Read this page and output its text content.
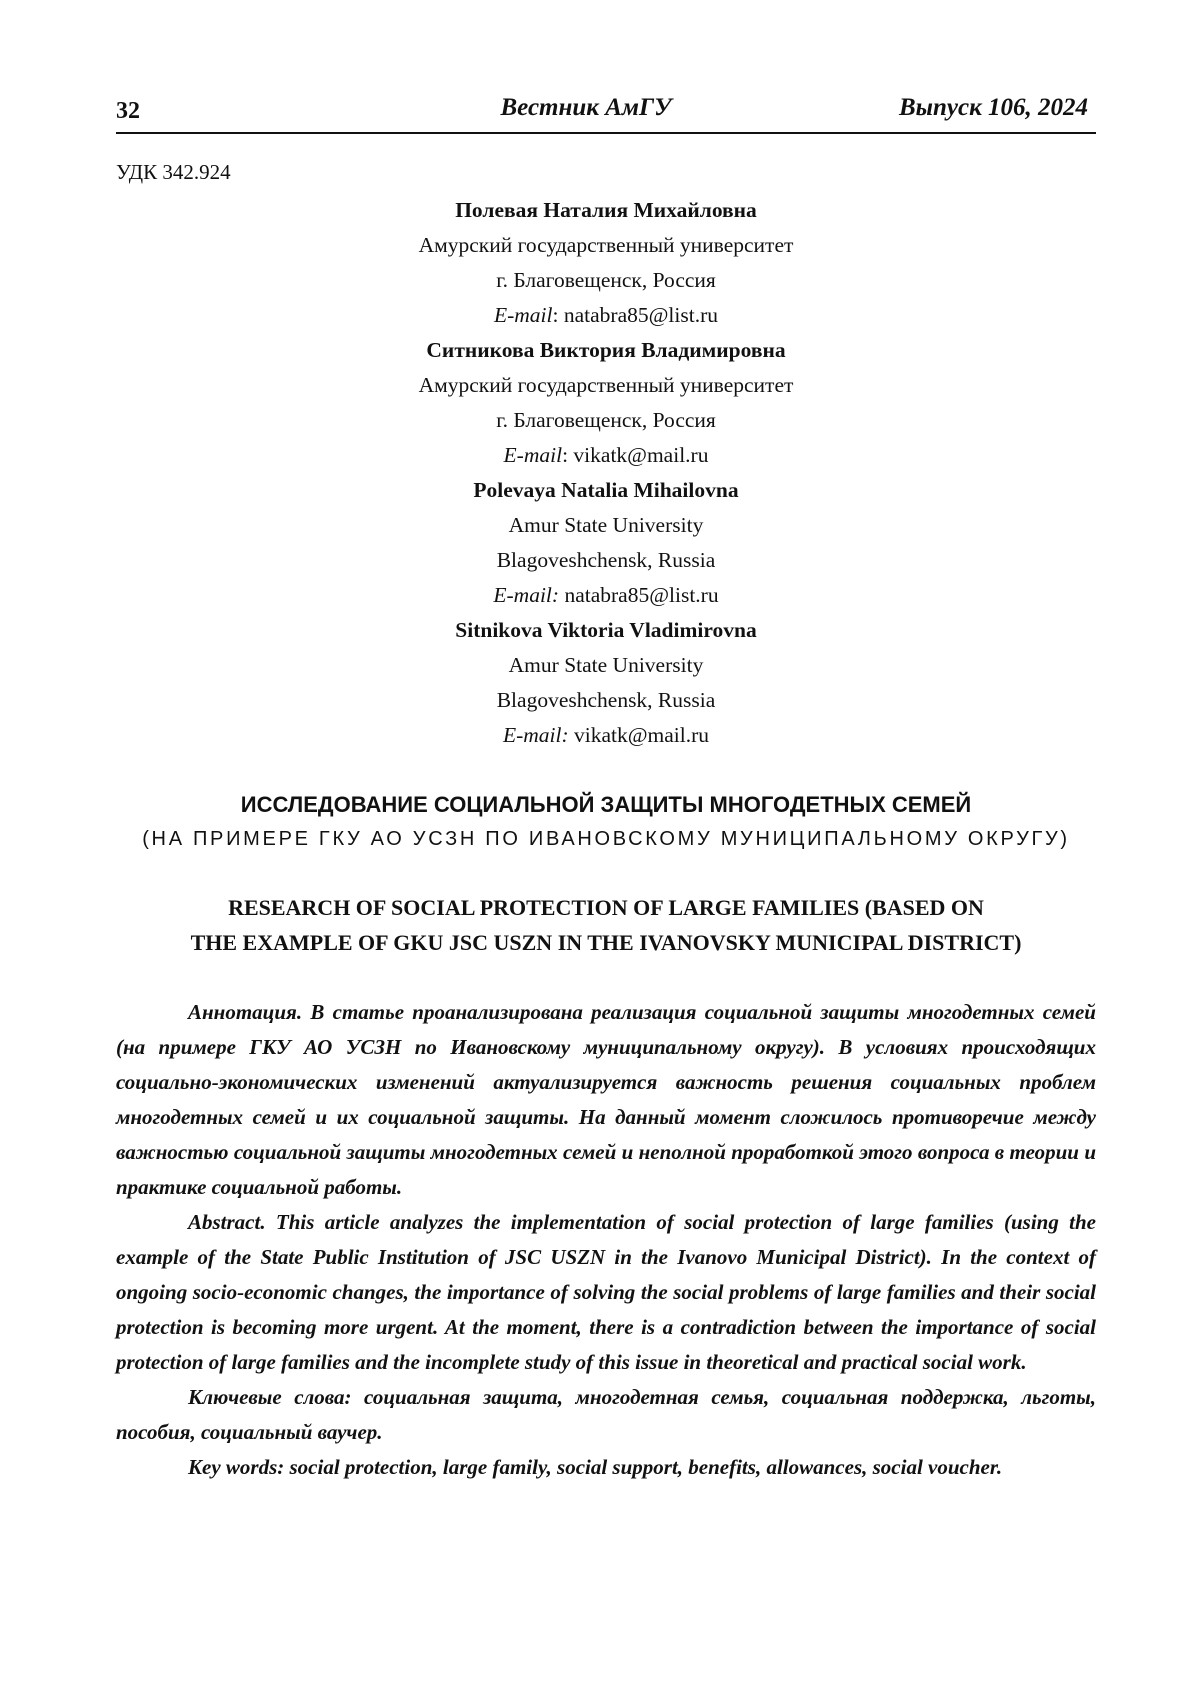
32	Вестник АмГУ	Выпуск 106, 2024
УДК 342.924
Полевая Наталия Михайловна
Амурский государственный университет
г. Благовещенск, Россия
E-mail: natabra85@list.ru
Ситникова Виктория Владимировна
Амурский государственный университет
г. Благовещенск, Россия
E-mail: vikatk@mail.ru
Polevaya Natalia Mihailovna
Amur State University
Blagoveshchensk, Russia
E-mail: natabra85@list.ru
Sitnikova Viktoria Vladimirovna
Amur State University
Blagoveshchensk, Russia
E-mail: vikatk@mail.ru
ИССЛЕДОВАНИЕ СОЦИАЛЬНОЙ ЗАЩИТЫ МНОГОДЕТНЫХ СЕМЕЙ
(НА ПРИМЕРЕ ГКУ АО УСЗН ПО ИВАНОВСКОМУ МУНИЦИПАЛЬНОМУ ОКРУГУ)
RESEARCH OF SOCIAL PROTECTION OF LARGE FAMILIES (BASED ON
THE EXAMPLE OF GKU JSC USZN IN THE IVANOVSKY MUNICIPAL DISTRICT)

Аннотация. В статье проанализирована реализация социальной защиты многодетных семей (на примере ГКУ АО УСЗН по Ивановскому муниципальному округу). В условиях происходящих социально-экономических изменений актуализируется важность решения социальных проблем многодетных семей и их социальной защиты. На данный момент сложилось противоречие между важностью социальной защиты многодетных семей и неполной проработкой этого вопроса в теории и практике социальной работы.

Abstract. This article analyzes the implementation of social protection of large families (using the example of the State Public Institution of JSC USZN in the Ivanovo Municipal District). In the context of ongoing socio-economic changes, the importance of solving the social problems of large families and their social protection is becoming more urgent. At the moment, there is a contradiction between the importance of social protection of large families and the incomplete study of this issue in theoretical and practical social work.

Ключевые слова: социальная защита, многодетная семья, социальная поддержка, льготы, пособия, социальный ваучер.

Key words: social protection, large family, social support, benefits, allowances, social voucher.
